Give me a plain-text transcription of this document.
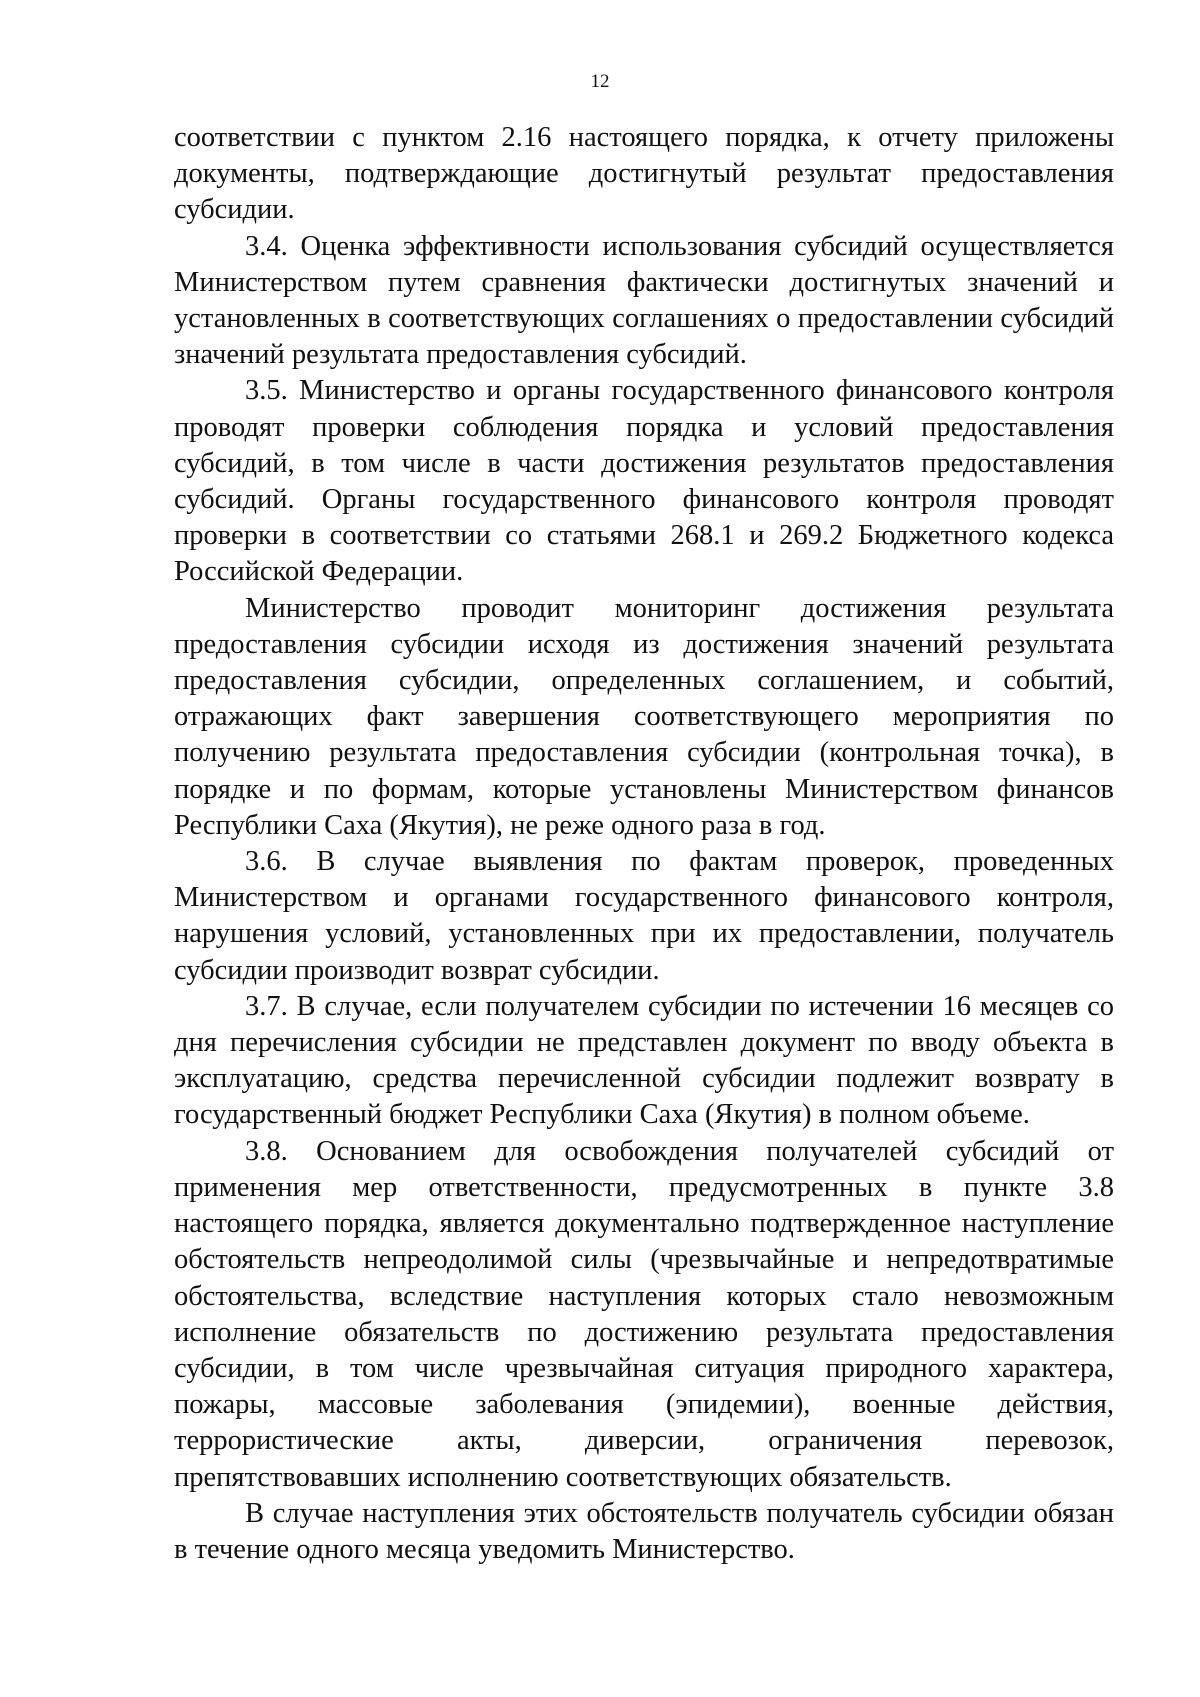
12

соответствии с пунктом 2.16 настоящего порядка, к отчету приложены документы, подтверждающие достигнутый результат предоставления субсидии.

3.4. Оценка эффективности использования субсидий осуществляется Министерством путем сравнения фактически достигнутых значений и установленных в соответствующих соглашениях о предоставлении субсидий значений результата предоставления субсидий.

3.5. Министерство и органы государственного финансового контроля проводят проверки соблюдения порядка и условий предоставления субсидий, в том числе в части достижения результатов предоставления субсидий. Органы государственного финансового контроля проводят проверки в соответствии со статьями 268.1 и 269.2 Бюджетного кодекса Российской Федерации.

Министерство проводит мониторинг достижения результата предоставления субсидии исходя из достижения значений результата предоставления субсидии, определенных соглашением, и событий, отражающих факт завершения соответствующего мероприятия по получению результата предоставления субсидии (контрольная точка), в порядке и по формам, которые установлены Министерством финансов Республики Саха (Якутия), не реже одного раза в год.

3.6. В случае выявления по фактам проверок, проведенных Министерством и органами государственного финансового контроля, нарушения условий, установленных при их предоставлении, получатель субсидии производит возврат субсидии.

3.7. В случае, если получателем субсидии по истечении 16 месяцев со дня перечисления субсидии не представлен документ по вводу объекта в эксплуатацию, средства перечисленной субсидии подлежит возврату в государственный бюджет Республики Саха (Якутия) в полном объеме.

3.8. Основанием для освобождения получателей субсидий от применения мер ответственности, предусмотренных в пункте 3.8 настоящего порядка, является документально подтвержденное наступление обстоятельств непреодолимой силы (чрезвычайные и непредотвратимые обстоятельства, вследствие наступления которых стало невозможным исполнение обязательств по достижению результата предоставления субсидии, в том числе чрезвычайная ситуация природного характера, пожары, массовые заболевания (эпидемии), военные действия, террористические акты, диверсии, ограничения перевозок, препятствовавших исполнению соответствующих обязательств.

В случае наступления этих обстоятельств получатель субсидии обязан в течение одного месяца уведомить Министерство.
